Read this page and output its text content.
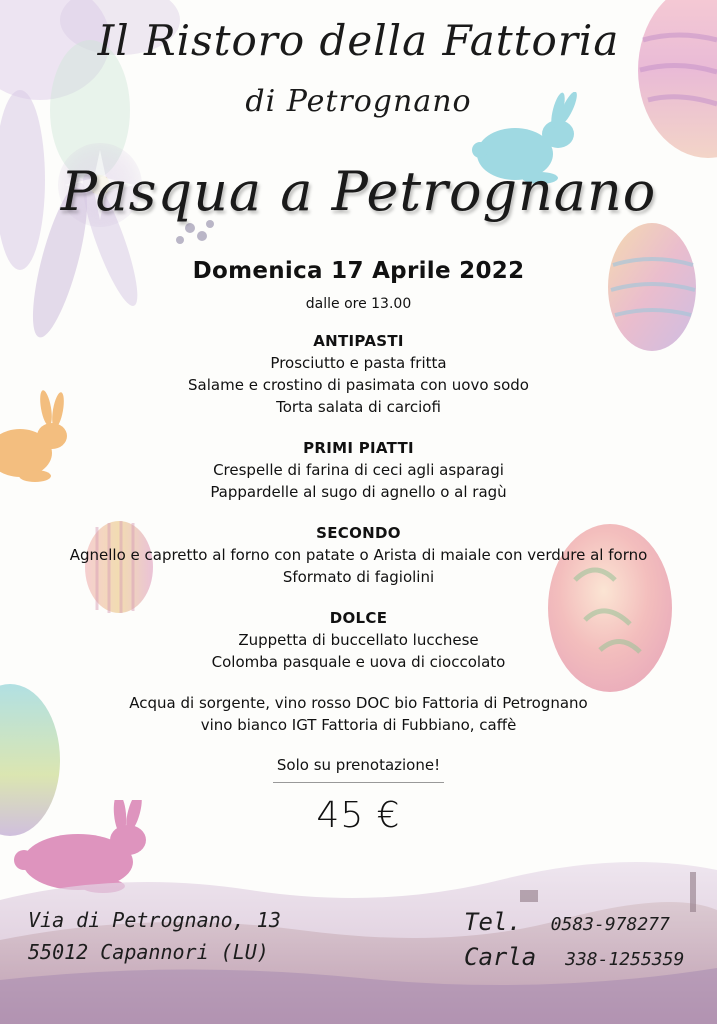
Il Ristoro della Fattoria
di Petrognano
Pasqua a Petrognano
Domenica 17 Aprile 2022
dalle ore 13.00
ANTIPASTI
Prosciutto e pasta fritta
Salame e crostino di pasimata con uovo sodo
Torta salata di carciofi
PRIMI PIATTI
Crespelle di farina di ceci agli asparagi
Pappardelle al sugo di agnello o al ragù
SECONDO
Agnello e capretto al forno con patate o Arista di maiale con verdure al forno
Sformato di fagiolini
DOLCE
Zuppetta di buccellato lucchese
Colomba pasquale e uova di cioccolato
Acqua di sorgente, vino rosso DOC bio Fattoria di Petrognano
vino bianco IGT Fattoria di Fubbiano, caffè
Solo su prenotazione!
45 €
Via di Petrognano, 13
55012 Capannori (LU)
Tel. 0583-978277
Carla 338-1255359
